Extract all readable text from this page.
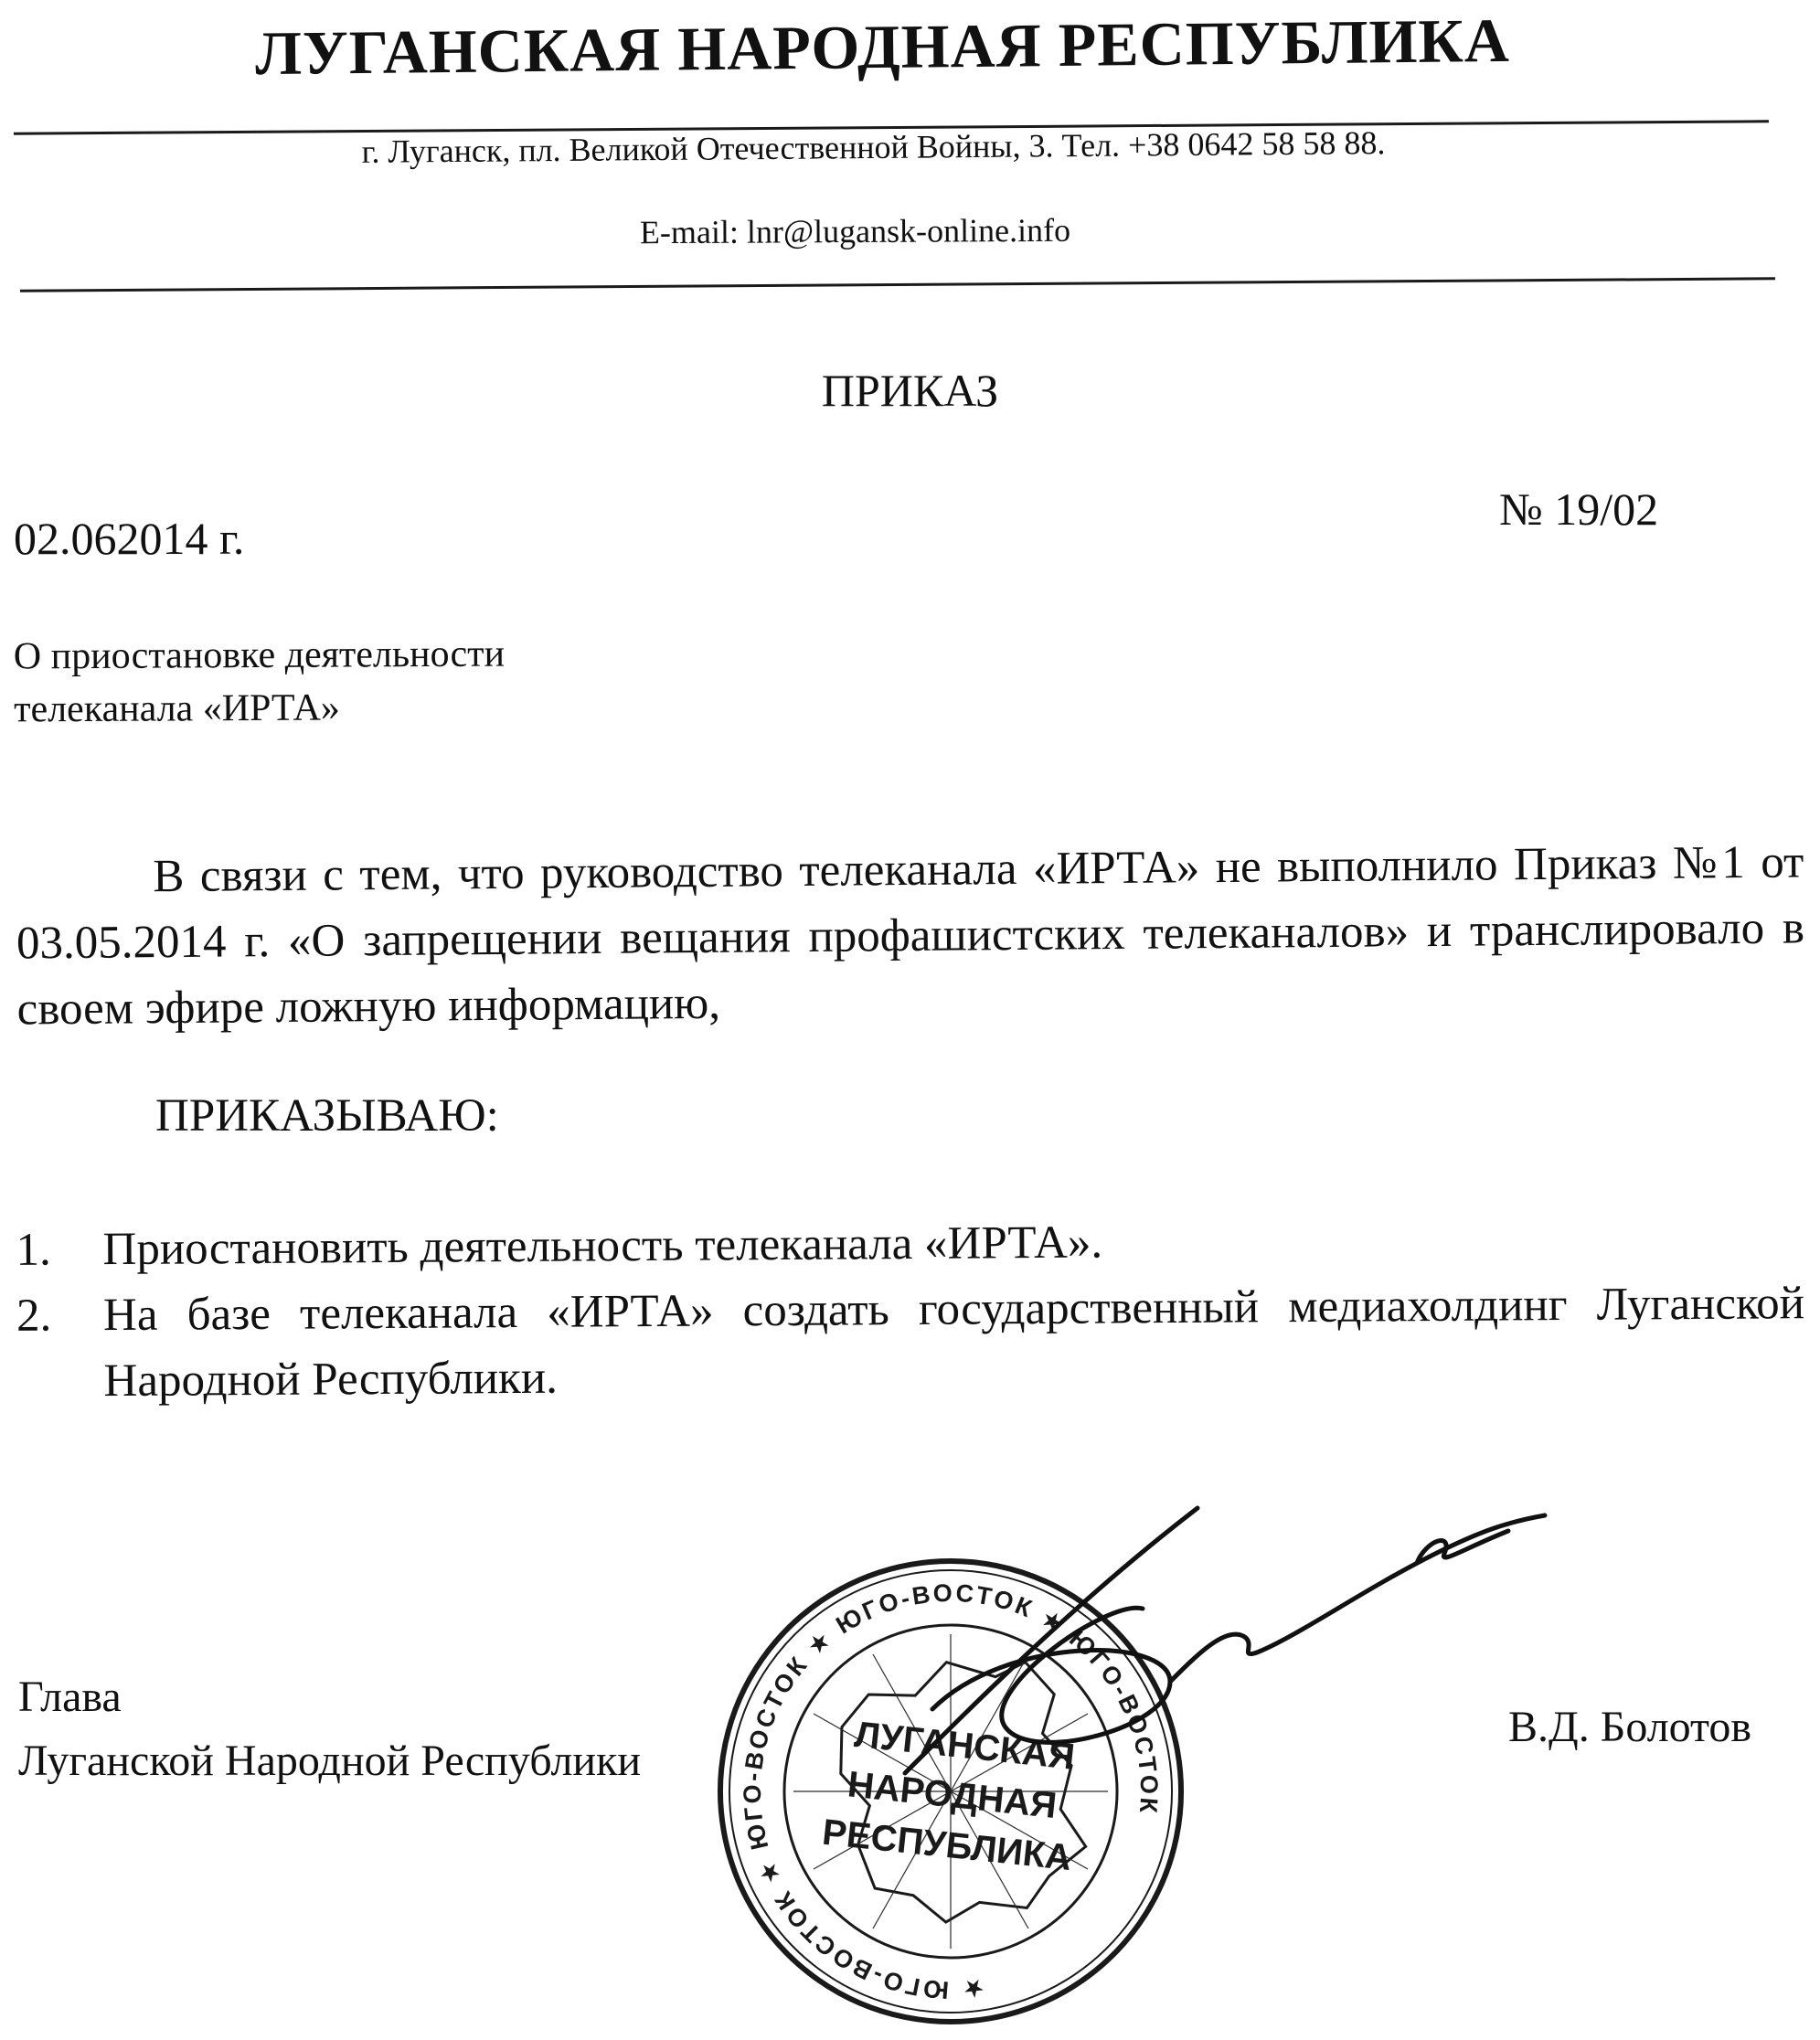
ЛУГАНСКАЯ НАРОДНАЯ РЕСПУБЛИКА
г. Луганск, пл. Великой Отечественной Войны, 3. Тел. +38 0642 58 58 88.
E-mail: lnr@lugansk-online.info
ПРИКАЗ
№ 19/02
02.062014 г.
О приостановке деятельности
телеканала «ИРТА»
В связи с тем, что руководство телеканала «ИРТА» не выполнило Приказ №1 от 03.05.2014 г. «О запрещении вещания профашистских телеканалов» и транслировало в своем эфире ложную информацию,
ПРИКАЗЫВАЮ:
1.	Приостановить деятельность телеканала «ИРТА».
2.	На базе телеканала «ИРТА» создать государственный медиахолдинг Луганской Народной Республики.
Глава
Луганской Народной Республики
В.Д. Болотов
★ ЮГО-ВОСТОК ★ ЮГО-ВОСТОК ★ ЮГО-ВОСТОК ★ ЮГО-ВОСТОК
ЛУГАНСКАЯ
НАРОДНАЯ
РЕСПУБЛИКА
